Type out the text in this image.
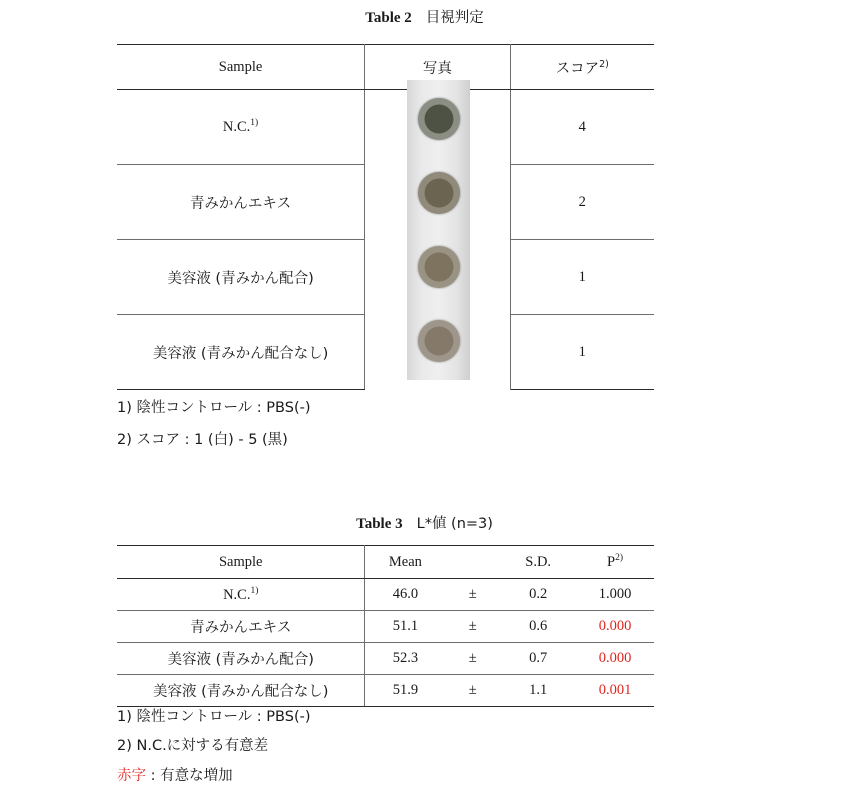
Table 2 目視判定
Sample	写真	スコア$^{2)}$
N.C.$^{1)}$		4
青みかんエキス		2
美容液 (青みかん配合)		1
美容液 (青みかん配合なし)		1
1) 陰性コントロール : PBS(-)
2) スコア : 1 (白) - 5 (黒)
Table 3 L*値 (n=3)
Sample	Mean		S.D.	$P^{2)}$
N.C.$^{1)}$	46.0	±	0.2	1.000
青みかんエキス	51.1	±	0.6	0.000
美容液 (青みかん配合)	52.3	±	0.7	0.000
美容液 (青みかん配合なし)	51.9	±	1.1	0.001
1) 陰性コントロール : PBS(-)
2) N.C.に対する有意差
赤字 : 有意な増加
